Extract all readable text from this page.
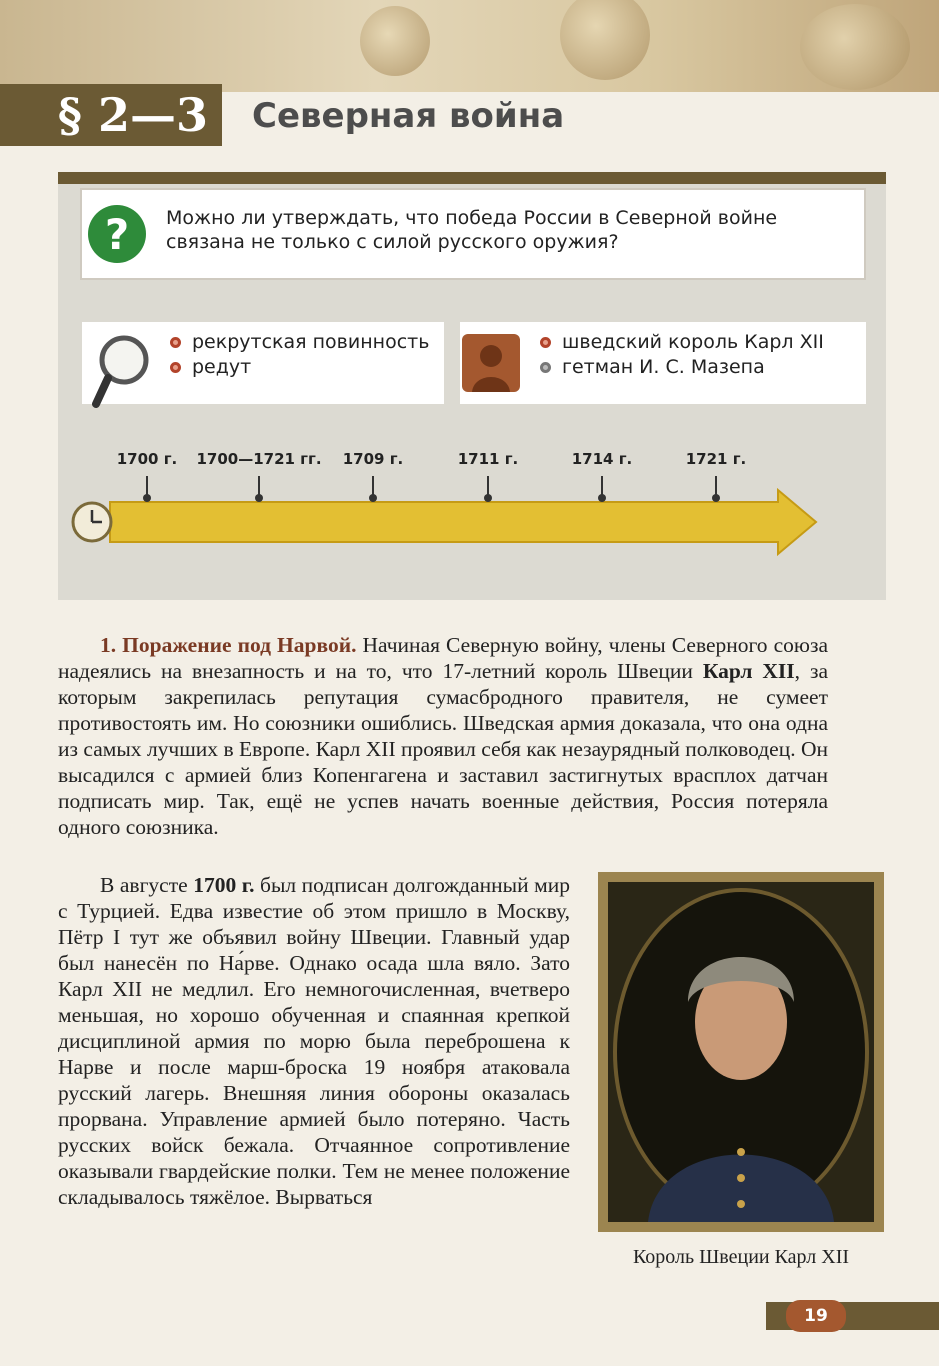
§ 2—3	Северная война
?	Можно ли утверждать, что победа России в Северной войне связана не только с силой русского оружия?

рекрутская повинность
редут
шведский король Карл XII
гетман И. С. Мазепа
1700 г. 1700—1721 гг. 1709 г.	1711 г.	1714 г.	1721 г.

1. Поражение под Нарвой. Начиная Северную войну, члены Северного союза надеялись на внезапность и на то, что 17-летний король Швеции Карл XII, за которым закрепилась репутация сумасбродного правителя, не сумеет противостоять им. Но союзники ошиблись. Шведская армия доказала, что она одна из самых лучших в Европе. Карл XII проявил себя как незаурядный полководец. Он высадился с армией близ Копенгагена и заставил застигнутых врасплох датчан подписать мир. Так, ещё не успев начать военные действия, Россия потеряла одного союзника.

В августе 1700 г. был подписан долгожданный мир с Турцией. Едва известие об этом пришло в Москву, Пётр I тут же объявил войну Швеции. Главный удар был нанесён по На́рве. Однако осада шла вяло. Зато Карл XII не медлил. Его немногочисленная, вчетверо меньшая, но хорошо обученная и спаянная крепкой дисциплиной армия по морю была переброшена к Нарве и после марш-броска 19 ноября атаковала русский лагерь. Внешняя линия обороны оказалась прорвана. Управление армией было потеряно. Часть русских войск бежала. Отчаянное сопротивление оказывали гвардейские полки. Тем не менее положение складывалось тяжёлое. Вырваться

Король Швеции Карл XII

19
